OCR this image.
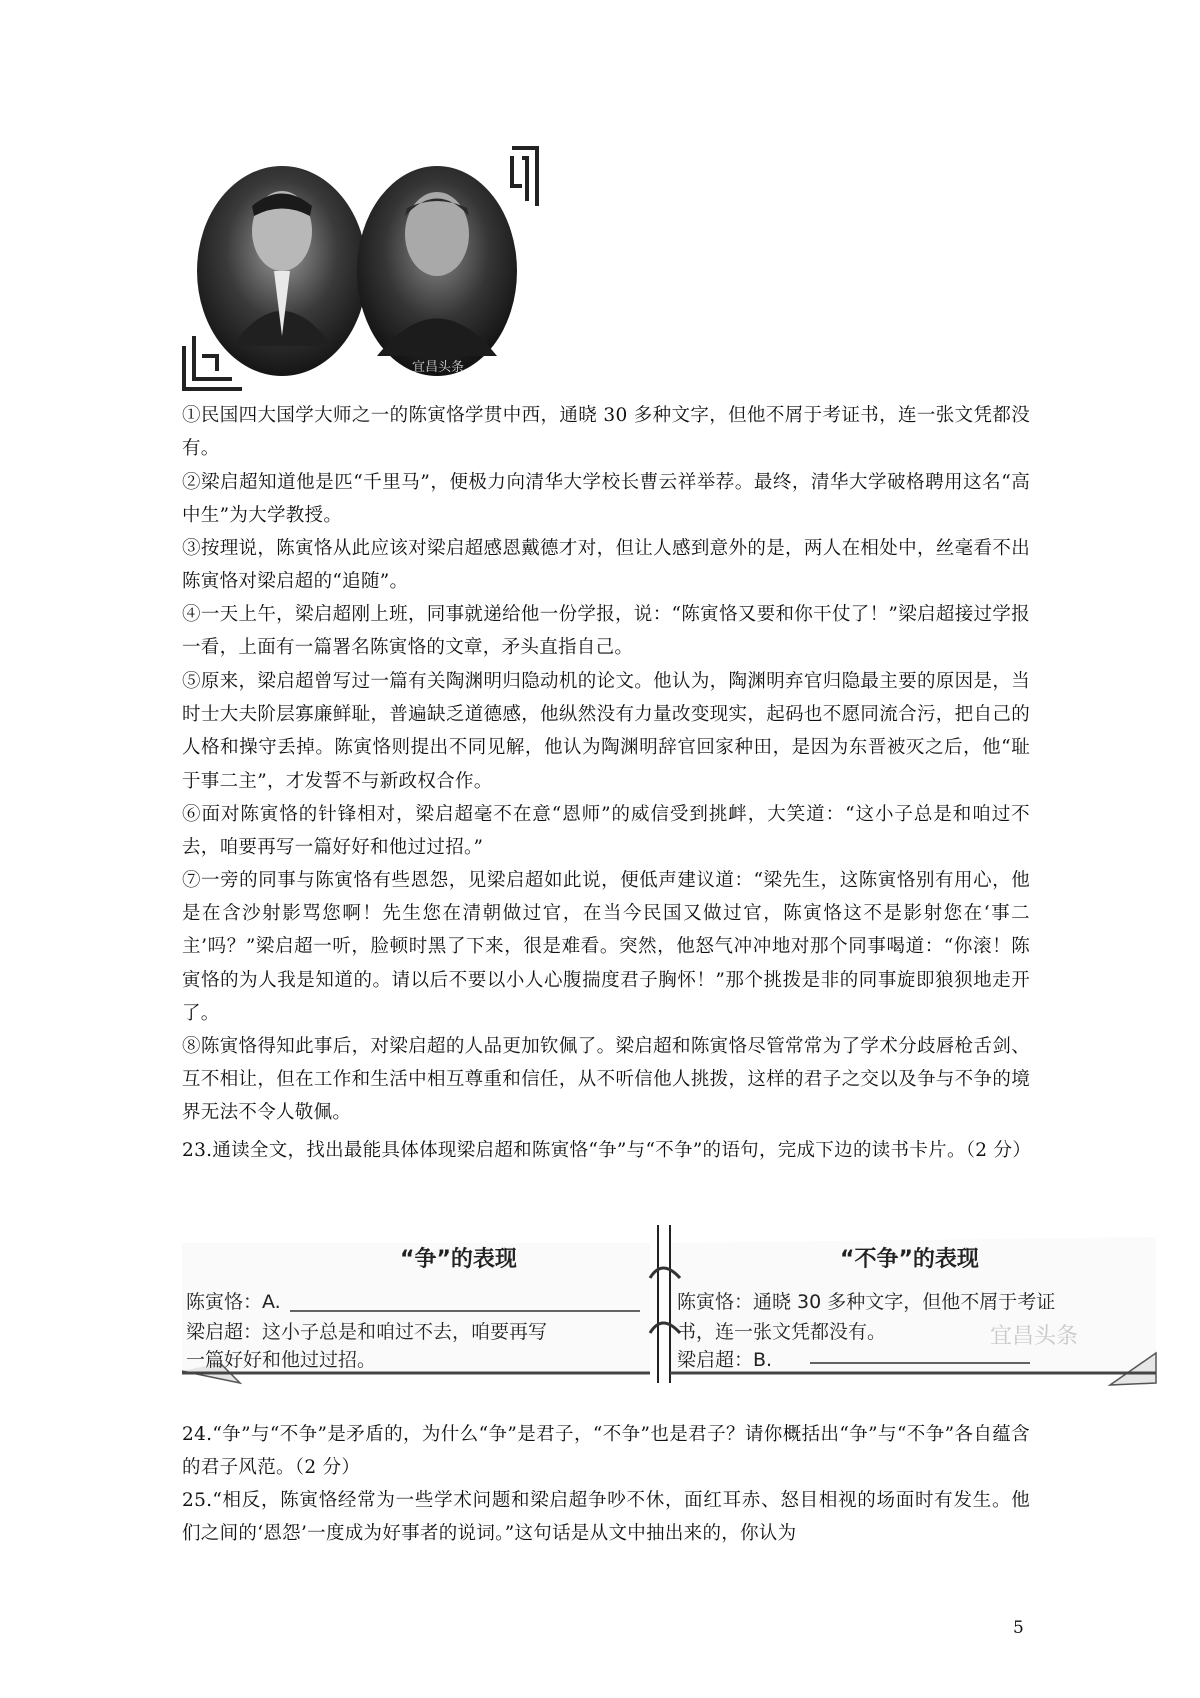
宜昌头条
①民国四大国学大师之一的陈寅恪学贯中西，通晓 30 多种文字，但他不屑于考证书，连一张文凭都没有。
②梁启超知道他是匹“千里马”，便极力向清华大学校长曹云祥举荐。最终，清华大学破格聘用这名“高中生”为大学教授。
③按理说，陈寅恪从此应该对梁启超感恩戴德才对，但让人感到意外的是，两人在相处中，丝毫看不出陈寅恪对梁启超的“追随”。
④一天上午，梁启超刚上班，同事就递给他一份学报，说：“陈寅恪又要和你干仗了！”梁启超接过学报一看，上面有一篇署名陈寅恪的文章，矛头直指自己。
⑤原来，梁启超曾写过一篇有关陶渊明归隐动机的论文。他认为，陶渊明弃官归隐最主要的原因是，当时士大夫阶层寡廉鲜耻，普遍缺乏道德感，他纵然没有力量改变现实，起码也不愿同流合污，把自己的人格和操守丢掉。陈寅恪则提出不同见解，他认为陶渊明辞官回家种田，是因为东晋被灭之后，他“耻于事二主”，才发誓不与新政权合作。
⑥面对陈寅恪的针锋相对，梁启超毫不在意“恩师”的威信受到挑衅，大笑道：“这小子总是和咱过不去，咱要再写一篇好好和他过过招。”
⑦一旁的同事与陈寅恪有些恩怨，见梁启超如此说，便低声建议道：“梁先生，这陈寅恪别有用心，他是在含沙射影骂您啊！先生您在清朝做过官，在当今民国又做过官，陈寅恪这不是影射您在‘事二主’吗？”梁启超一听，脸顿时黑了下来，很是难看。突然，他怒气冲冲地对那个同事喝道：“你滚！陈寅恪的为人我是知道的。请以后不要以小人心腹揣度君子胸怀！”那个挑拨是非的同事旋即狼狈地走开了。
⑧陈寅恪得知此事后，对梁启超的人品更加钦佩了。梁启超和陈寅恪尽管常常为了学术分歧唇枪舌剑、互不相让，但在工作和生活中相互尊重和信任，从不听信他人挑拨，这样的君子之交以及争与不争的境界无法不令人敬佩。
23.通读全文，找出最能具体体现梁启超和陈寅恪“争”与“不争”的语句，完成下边的读书卡片。（2 分）
“争”的表现	“不争”的表现
陈寅恪：A.
梁启超：这小子总是和咱过不去，咱要再写
一篇好好和他过过招。
陈寅恪：通晓 30 多种文字，但他不屑于考证
书，连一张文凭都没有。
梁启超：B.
宜昌头条
24.“争”与“不争”是矛盾的，为什么“争”是君子，“不争”也是君子？请你概括出“争”与“不争”各自蕴含的君子风范。（2 分）
25.“相反，陈寅恪经常为一些学术问题和梁启超争吵不休，面红耳赤、怒目相视的场面时有发生。他们之间的‘恩怨’一度成为好事者的说词。”这句话是从文中抽出来的，你认为
5
